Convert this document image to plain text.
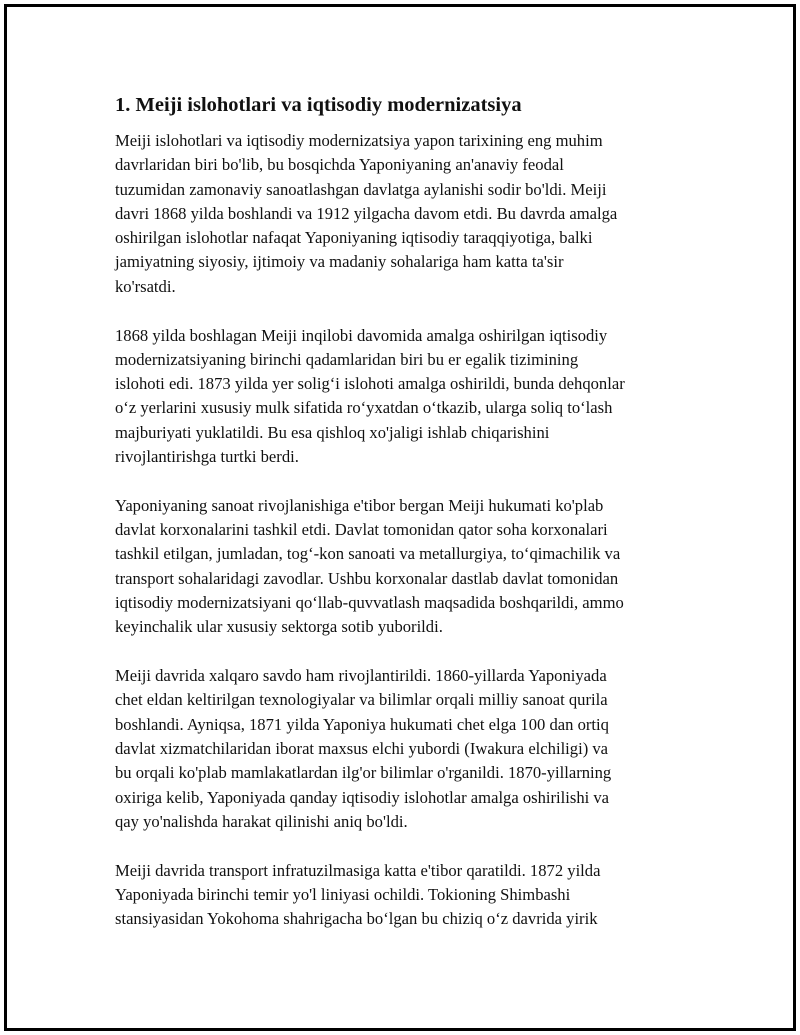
1. Meiji islohotlari va iqtisodiy modernizatsiya

Meiji islohotlari va iqtisodiy modernizatsiya yapon tarixining eng muhim
davrlaridan biri bo'lib, bu bosqichda Yaponiyaning an'anaviy feodal
tuzumidan zamonaviy sanoatlashgan davlatga aylanishi sodir bo'ldi. Meiji
davri 1868 yilda boshlandi va 1912 yilgacha davom etdi. Bu davrda amalga
oshirilgan islohotlar nafaqat Yaponiyaning iqtisodiy taraqqiyotiga, balki
jamiyatning siyosiy, ijtimoiy va madaniy sohalariga ham katta ta'sir
ko'rsatdi.

1868 yilda boshlagan Meiji inqilobi davomida amalga oshirilgan iqtisodiy
modernizatsiyaning birinchi qadamlaridan biri bu er egalik tizimining
islohoti edi. 1873 yilda yer solig‘i islohoti amalga oshirildi, bunda dehqonlar
o‘z yerlarini xususiy mulk sifatida ro‘yxatdan o‘tkazib, ularga soliq to‘lash
majburiyati yuklatildi. Bu esa qishloq xo'jaligi ishlab chiqarishini
rivojlantirishga turtki berdi.

Yaponiyaning sanoat rivojlanishiga e'tibor bergan Meiji hukumati ko'plab
davlat korxonalarini tashkil etdi. Davlat tomonidan qator soha korxonalari
tashkil etilgan, jumladan, tog‘-kon sanoati va metallurgiya, to‘qimachilik va
transport sohalaridagi zavodlar. Ushbu korxonalar dastlab davlat tomonidan
iqtisodiy modernizatsiyani qo‘llab-quvvatlash maqsadida boshqarildi, ammo
keyinchalik ular xususiy sektorga sotib yuborildi.

Meiji davrida xalqaro savdo ham rivojlantirildi. 1860-yillarda Yaponiyada
chet eldan keltirilgan texnologiyalar va bilimlar orqali milliy sanoat qurila
boshlandi. Ayniqsa, 1871 yilda Yaponiya hukumati chet elga 100 dan ortiq
davlat xizmatchilaridan iborat maxsus elchi yubordi (Iwakura elchiligi) va
bu orqali ko'plab mamlakatlardan ilg'or bilimlar o'rganildi. 1870-yillarning
oxiriga kelib, Yaponiyada qanday iqtisodiy islohotlar amalga oshirilishi va
qay yo'nalishda harakat qilinishi aniq bo'ldi.

Meiji davrida transport infratuzilmasiga katta e'tibor qaratildi. 1872 yilda
Yaponiyada birinchi temir yo'l liniyasi ochildi. Tokioning Shimbashi
stansiyasidan Yokohoma shahrigacha bo‘lgan bu chiziq o‘z davrida yirik
